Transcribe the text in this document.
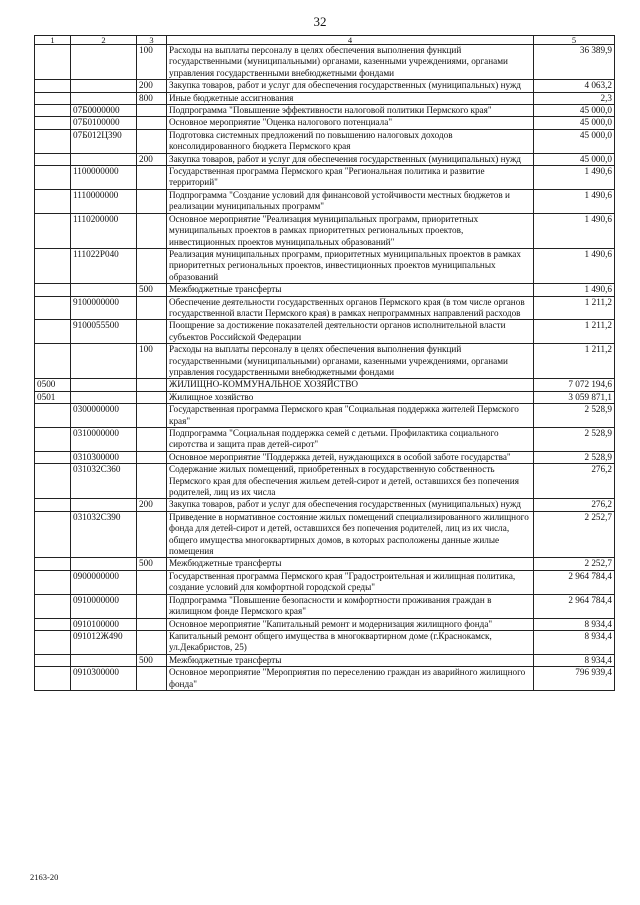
32
1	2	3	4	5
		100	Расходы на выплаты персоналу в целях обеспечения выполнения функций государственными (муниципальными) органами, казенными учреждениями, органами управления государственными внебюджетными фондами	36 389,9
		200	Закупка товаров, работ и услуг для обеспечения государственных (муниципальных) нужд	4 063,2
		800	Иные бюджетные ассигнования	2,3
	07Б0000000		Подпрограмма "Повышение эффективности налоговой политики Пермского края"	45 000,0
	07Б0100000		Основное мероприятие "Оценка налогового потенциала"	45 000,0
	07Б012Ц390		Подготовка системных предложений по повышению налоговых доходов консолидированного бюджета Пермского края	45 000,0
		200	Закупка товаров, работ и услуг для обеспечения государственных (муниципальных) нужд	45 000,0
	1100000000		Государственная программа Пермского края "Региональная политика и развитие территорий"	1 490,6
	1110000000		Подпрограмма "Создание условий для финансовой устойчивости местных бюджетов и реализации муниципальных программ"	1 490,6
	1110200000		Основное мероприятие "Реализация муниципальных программ, приоритетных муниципальных проектов в рамках приоритетных региональных проектов, инвестиционных проектов муниципальных образований"	1 490,6
	111022Р040		Реализация муниципальных программ, приоритетных муниципальных проектов в рамках приоритетных региональных проектов, инвестиционных проектов муниципальных образований	1 490,6
		500	Межбюджетные трансферты	1 490,6
	9100000000		Обеспечение деятельности государственных органов Пермского края (в том числе органов государственной власти Пермского края) в рамках непрограммных направлений расходов	1 211,2
	9100055500		Поощрение за достижение показателей деятельности органов исполнительной власти субъектов Российской Федерации	1 211,2
		100	Расходы на выплаты персоналу в целях обеспечения выполнения функций государственными (муниципальными) органами, казенными учреждениями, органами управления государственными внебюджетными фондами	1 211,2
0500			ЖИЛИЩНО-КОММУНАЛЬНОЕ ХОЗЯЙСТВО	7 072 194,6
0501			Жилищное хозяйство	3 059 871,1
	0300000000		Государственная программа Пермского края "Социальная поддержка жителей Пермского края"	2 528,9
	0310000000		Подпрограмма "Социальная поддержка семей с детьми. Профилактика социального сиротства и защита прав детей-сирот"	2 528,9
	0310300000		Основное мероприятие "Поддержка детей, нуждающихся в особой заботе государства"	2 528,9
	031032С360		Содержание жилых помещений, приобретенных в государственную собственность Пермского края для обеспечения жильем детей-сирот и детей, оставшихся без попечения родителей, лиц из их числа	276,2
		200	Закупка товаров, работ и услуг для обеспечения государственных (муниципальных) нужд	276,2
	031032С390		Приведение в нормативное состояние жилых помещений специализированного жилищного фонда для детей-сирот и детей, оставшихся без попечения родителей, лиц из их числа, общего имущества многоквартирных домов, в которых расположены данные жилые помещения	2 252,7
		500	Межбюджетные трансферты	2 252,7
	0900000000		Государственная программа Пермского края "Градостроительная и жилищная политика, создание условий для комфортной городской среды"	2 964 784,4
	0910000000		Подпрограмма "Повышение безопасности и комфортности проживания граждан в жилищном фонде Пермского края"	2 964 784,4
	0910100000		Основное мероприятие "Капитальный ремонт и модернизация жилищного фонда"	8 934,4
	091012Ж490		Капитальный ремонт общего имущества в многоквартирном доме (г.Краснокамск, ул.Декабристов, 25)	8 934,4
		500	Межбюджетные трансферты	8 934,4
	0910300000		Основное мероприятие "Мероприятия по переселению граждан из аварийного жилищного фонда"	796 939,4
2163-20
